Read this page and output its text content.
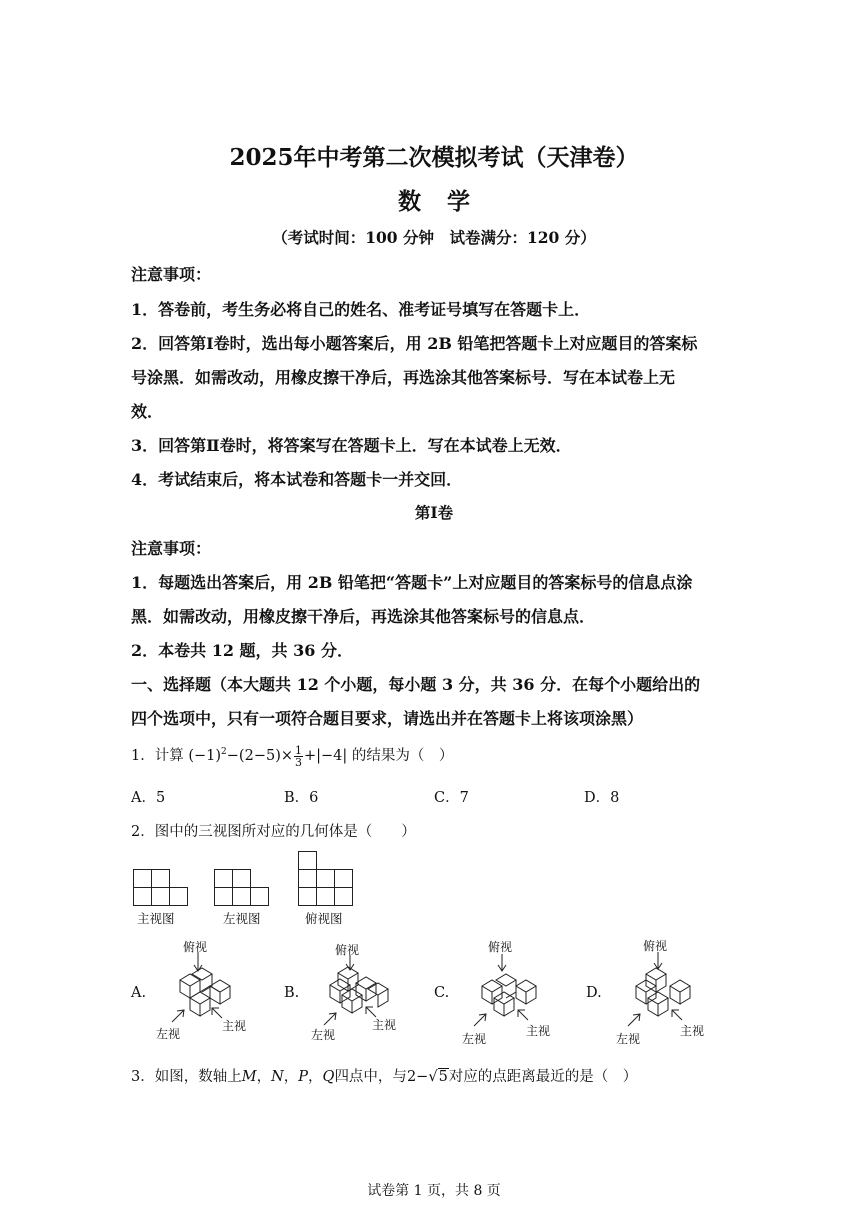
2025年中考第二次模拟考试（天津卷）
数学
（考试时间：100 分钟　试卷满分：120 分）
注意事项：
1．答卷前，考生务必将自己的姓名、准考证号填写在答题卡上．
2．回答第Ⅰ卷时，选出每小题答案后，用 2B 铅笔把答题卡上对应题目的答案标
号涂黑．如需改动，用橡皮擦干净后，再选涂其他答案标号．写在本试卷上无
效．
3．回答第Ⅱ卷时，将答案写在答题卡上．写在本试卷上无效．
4．考试结束后，将本试卷和答题卡一并交回．
第Ⅰ卷
注意事项：
1．每题选出答案后，用 2B 铅笔把“答题卡”上对应题目的答案标号的信息点涂
黑．如需改动，用橡皮擦干净后，再选涂其他答案标号的信息点．
2．本卷共 12 题，共 36 分．
一、选择题（本大题共 12 个小题，每小题 3 分，共 36 分．在每个小题给出的
四个选项中，只有一项符合题目要求，请选出并在答题卡上将该项涂黑）
1．计算 $(-1)^2-(2-5)\times \frac{1}{3} +|-4|$ 的结果为（　）
A．5	B．6	C．7	D．8
2．图中的三视图所对应的几何体是（　　）
主视图	左视图	俯视图
A.	B.	C.	D.
俯视
左视
主视
俯视
左视
主视
俯视
左视
主视
俯视
左视
主视
3．如图，数轴上M，N，P，Q四点中，与2−√5对应的点距离最近的是（　）
试卷第 1 页，共 8 页
